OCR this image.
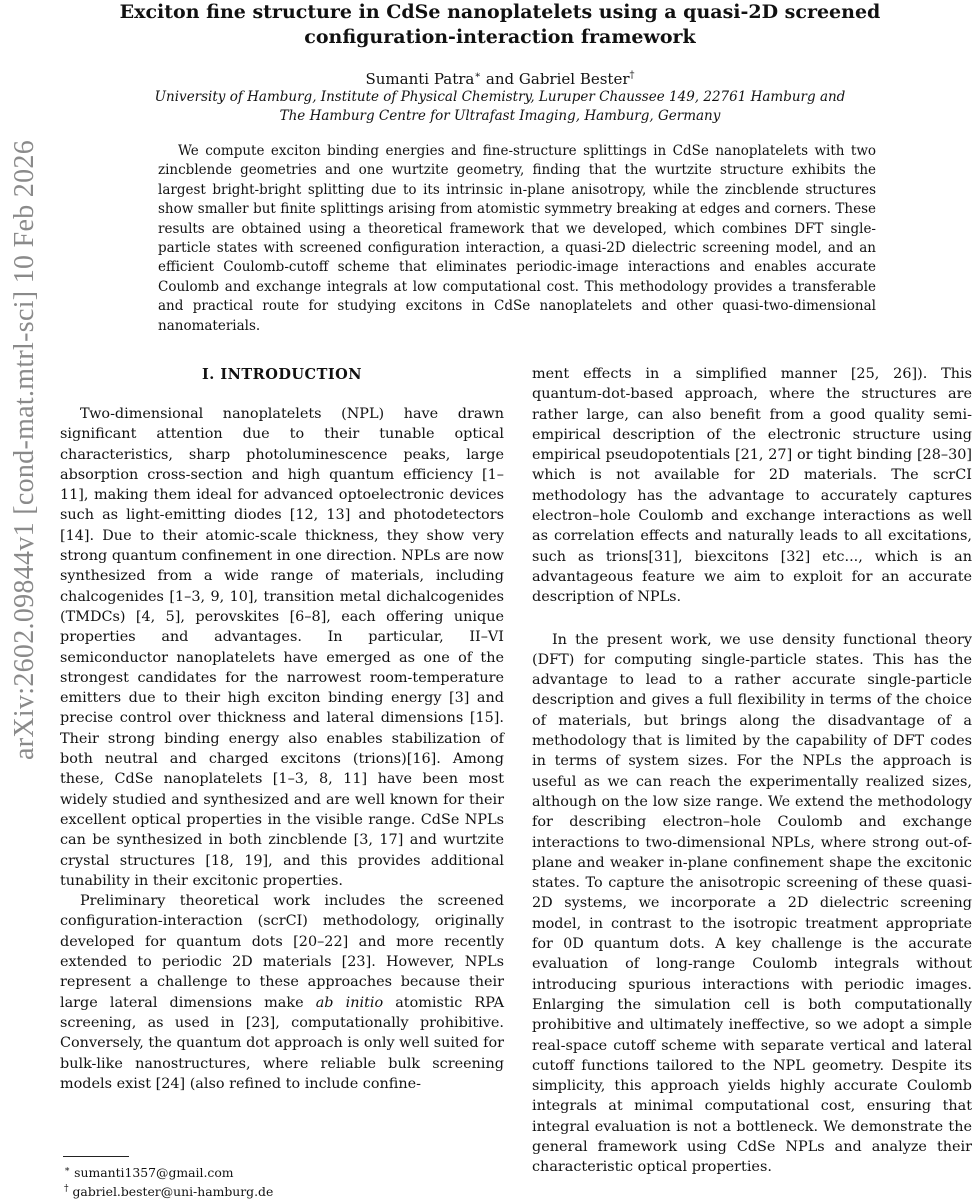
arXiv:2602.09844v1 [cond-mat.mtrl-sci] 10 Feb 2026
Exciton fine structure in CdSe nanoplatelets using a quasi-2D screened configuration-interaction framework
Sumanti Patra∗ and Gabriel Bester†
University of Hamburg, Institute of Physical Chemistry, Luruper Chaussee 149, 22761 Hamburg and
The Hamburg Centre for Ultrafast Imaging, Hamburg, Germany

We compute exciton binding energies and fine-structure splittings in CdSe nanoplatelets with two zincblende geometries and one wurtzite geometry, finding that the wurtzite structure exhibits the largest bright-bright splitting due to its intrinsic in-plane anisotropy, while the zincblende structures show smaller but finite splittings arising from atomistic symmetry breaking at edges and corners. These results are obtained using a theoretical framework that we developed, which combines DFT single-particle states with screened configuration interaction, a quasi-2D dielectric screening model, and an efficient Coulomb-cutoff scheme that eliminates periodic-image interactions and enables accurate Coulomb and exchange integrals at low computational cost. This methodology provides a transferable and practical route for studying excitons in CdSe nanoplatelets and other quasi-two-dimensional nanomaterials.

I. INTRODUCTION

Two-dimensional nanoplatelets (NPL) have drawn significant attention due to their tunable optical characteristics, sharp photoluminescence peaks, large absorption cross-section and high quantum efficiency [1–11], making them ideal for advanced optoelectronic devices such as light-emitting diodes [12, 13] and photodetectors [14]. Due to their atomic-scale thickness, they show very strong quantum confinement in one direction. NPLs are now synthesized from a wide range of materials, including chalcogenides [1–3, 9, 10], transition metal dichalcogenides (TMDCs) [4, 5], perovskites [6–8], each offering unique properties and advantages. In particular, II–VI semiconductor nanoplatelets have emerged as one of the strongest candidates for the narrowest room-temperature emitters due to their high exciton binding energy [3] and precise control over thickness and lateral dimensions [15]. Their strong binding energy also enables stabilization of both neutral and charged excitons (trions)[16]. Among these, CdSe nanoplatelets [1–3, 8, 11] have been most widely studied and synthesized and are well known for their excellent optical properties in the visible range. CdSe NPLs can be synthesized in both zincblende [3, 17] and wurtzite crystal structures [18, 19], and this provides additional tunability in their excitonic properties.

Preliminary theoretical work includes the screened configuration-interaction (scrCI) methodology, originally developed for quantum dots [20–22] and more recently extended to periodic 2D materials [23]. However, NPLs represent a challenge to these approaches because their large lateral dimensions make ab initio atomistic RPA screening, as used in [23], computationally prohibitive. Conversely, the quantum dot approach is only well suited for bulk-like nanostructures, where reliable bulk screening models exist [24] (also refined to include confine-

ment effects in a simplified manner [25, 26]). This quantum-dot-based approach, where the structures are rather large, can also benefit from a good quality semi-empirical description of the electronic structure using empirical pseudopotentials [21, 27] or tight binding [28–30] which is not available for 2D materials. The scrCI methodology has the advantage to accurately captures electron–hole Coulomb and exchange interactions as well as correlation effects and naturally leads to all excitations, such as trions[31], biexcitons [32] etc..., which is an advantageous feature we aim to exploit for an accurate description of NPLs.

In the present work, we use density functional theory (DFT) for computing single-particle states. This has the advantage to lead to a rather accurate single-particle description and gives a full flexibility in terms of the choice of materials, but brings along the disadvantage of a methodology that is limited by the capability of DFT codes in terms of system sizes. For the NPLs the approach is useful as we can reach the experimentally realized sizes, although on the low size range. We extend the methodology for describing electron–hole Coulomb and exchange interactions to two-dimensional NPLs, where strong out-of-plane and weaker in-plane confinement shape the excitonic states. To capture the anisotropic screening of these quasi-2D systems, we incorporate a 2D dielectric screening model, in contrast to the isotropic treatment appropriate for 0D quantum dots. A key challenge is the accurate evaluation of long-range Coulomb integrals without introducing spurious interactions with periodic images. Enlarging the simulation cell is both computationally prohibitive and ultimately ineffective, so we adopt a simple real-space cutoff scheme with separate vertical and lateral cutoff functions tailored to the NPL geometry. Despite its simplicity, this approach yields highly accurate Coulomb integrals at minimal computational cost, ensuring that integral evaluation is not a bottleneck. We demonstrate the general framework using CdSe NPLs and analyze their characteristic optical properties.

∗ sumanti1357@gmail.com
† gabriel.bester@uni-hamburg.de
